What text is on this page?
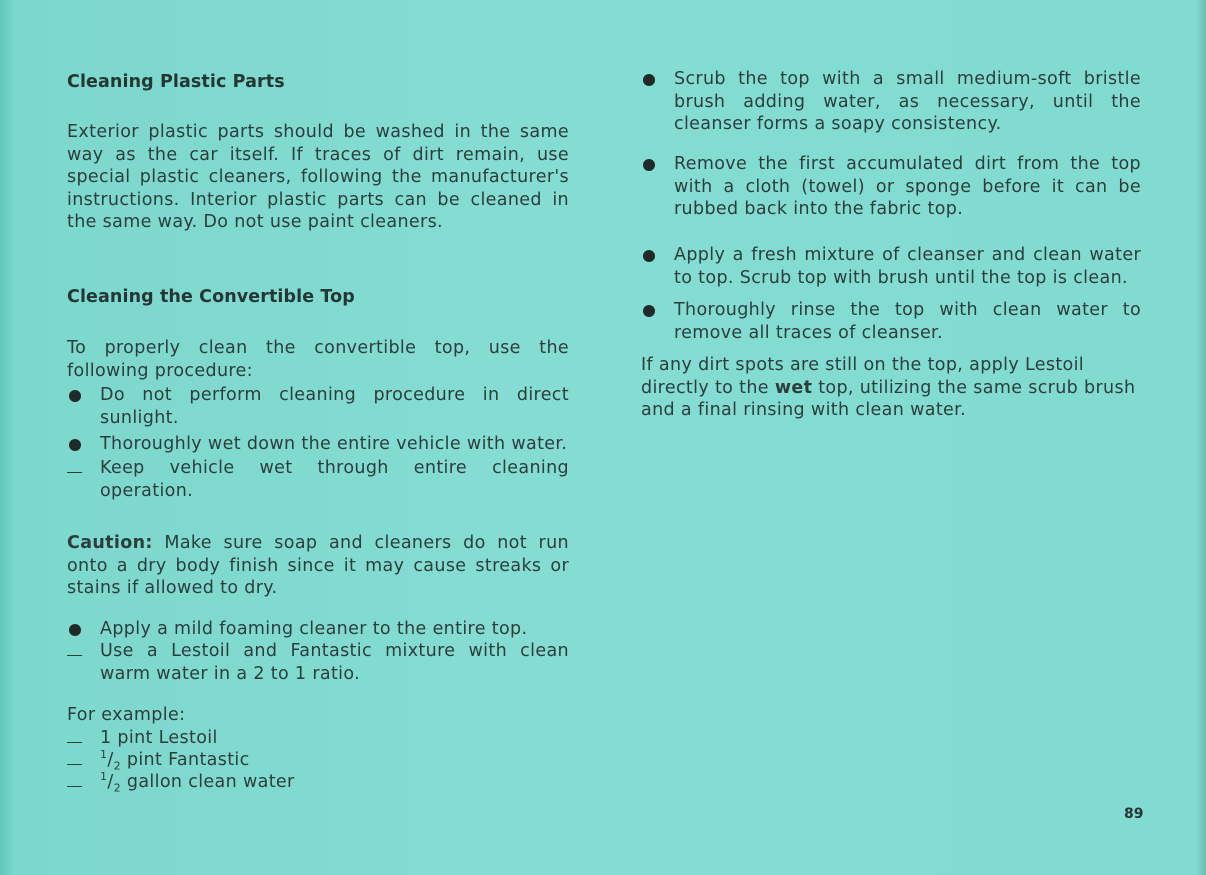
Cleaning Plastic Parts

Exterior plastic parts should be washed in the same way as the car itself. If traces of dirt remain, use special plastic cleaners, following the manufacturer's instructions. Interior plastic parts can be cleaned in the same way. Do not use paint cleaners.

Cleaning the Convertible Top

To properly clean the convertible top, use the following procedure:

Do not perform cleaning procedure in direct sunlight.
Thoroughly wet down the entire vehicle with water.
Keep vehicle wet through entire cleaning operation.

Caution: Make sure soap and cleaners do not run onto a dry body finish since it may cause streaks or stains if allowed to dry.

Apply a mild foaming cleaner to the entire top.
Use a Lestoil and Fantastic mixture with clean warm water in a 2 to 1 ratio.

For example:

1 pint Lestoil
$^1/_2$ pint Fantastic
$^1/_2$ gallon clean water
Scrub the top with a small medium-soft bristle brush adding water, as necessary, until the cleanser forms a soapy consistency.
Remove the first accumulated dirt from the top with a cloth (towel) or sponge before it can be rubbed back into the fabric top.
Apply a fresh mixture of cleanser and clean water to top. Scrub top with brush until the top is clean.
Thoroughly rinse the top with clean water to remove all traces of cleanser.

If any dirt spots are still on the top, apply Lestoil directly to the wet top, utilizing the same scrub brush and a final rinsing with clean water.

89
